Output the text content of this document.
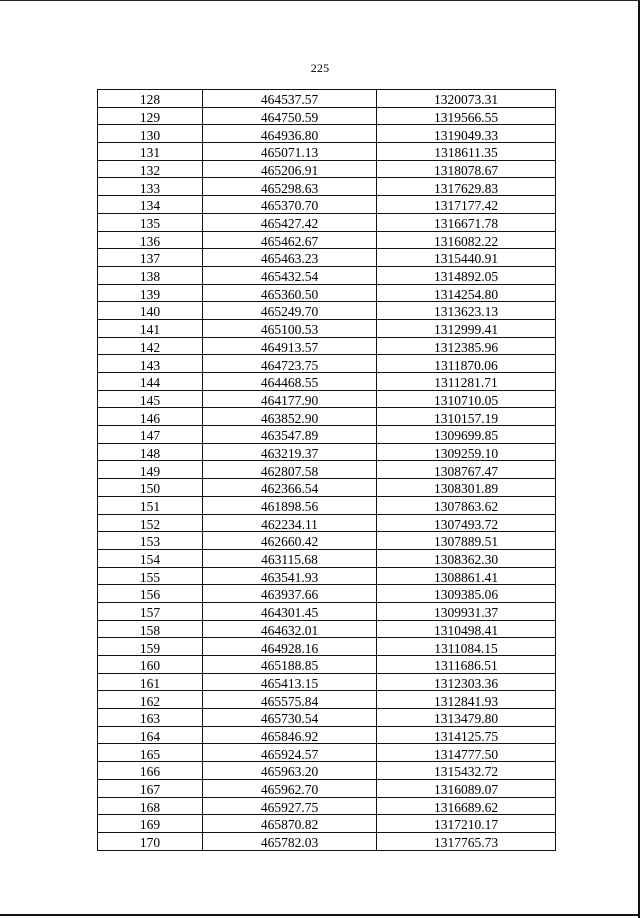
225
128	464537.57	1320073.31
129	464750.59	1319566.55
130	464936.80	1319049.33
131	465071.13	1318611.35
132	465206.91	1318078.67
133	465298.63	1317629.83
134	465370.70	1317177.42
135	465427.42	1316671.78
136	465462.67	1316082.22
137	465463.23	1315440.91
138	465432.54	1314892.05
139	465360.50	1314254.80
140	465249.70	1313623.13
141	465100.53	1312999.41
142	464913.57	1312385.96
143	464723.75	1311870.06
144	464468.55	1311281.71
145	464177.90	1310710.05
146	463852.90	1310157.19
147	463547.89	1309699.85
148	463219.37	1309259.10
149	462807.58	1308767.47
150	462366.54	1308301.89
151	461898.56	1307863.62
152	462234.11	1307493.72
153	462660.42	1307889.51
154	463115.68	1308362.30
155	463541.93	1308861.41
156	463937.66	1309385.06
157	464301.45	1309931.37
158	464632.01	1310498.41
159	464928.16	1311084.15
160	465188.85	1311686.51
161	465413.15	1312303.36
162	465575.84	1312841.93
163	465730.54	1313479.80
164	465846.92	1314125.75
165	465924.57	1314777.50
166	465963.20	1315432.72
167	465962.70	1316089.07
168	465927.75	1316689.62
169	465870.82	1317210.17
170	465782.03	1317765.73
